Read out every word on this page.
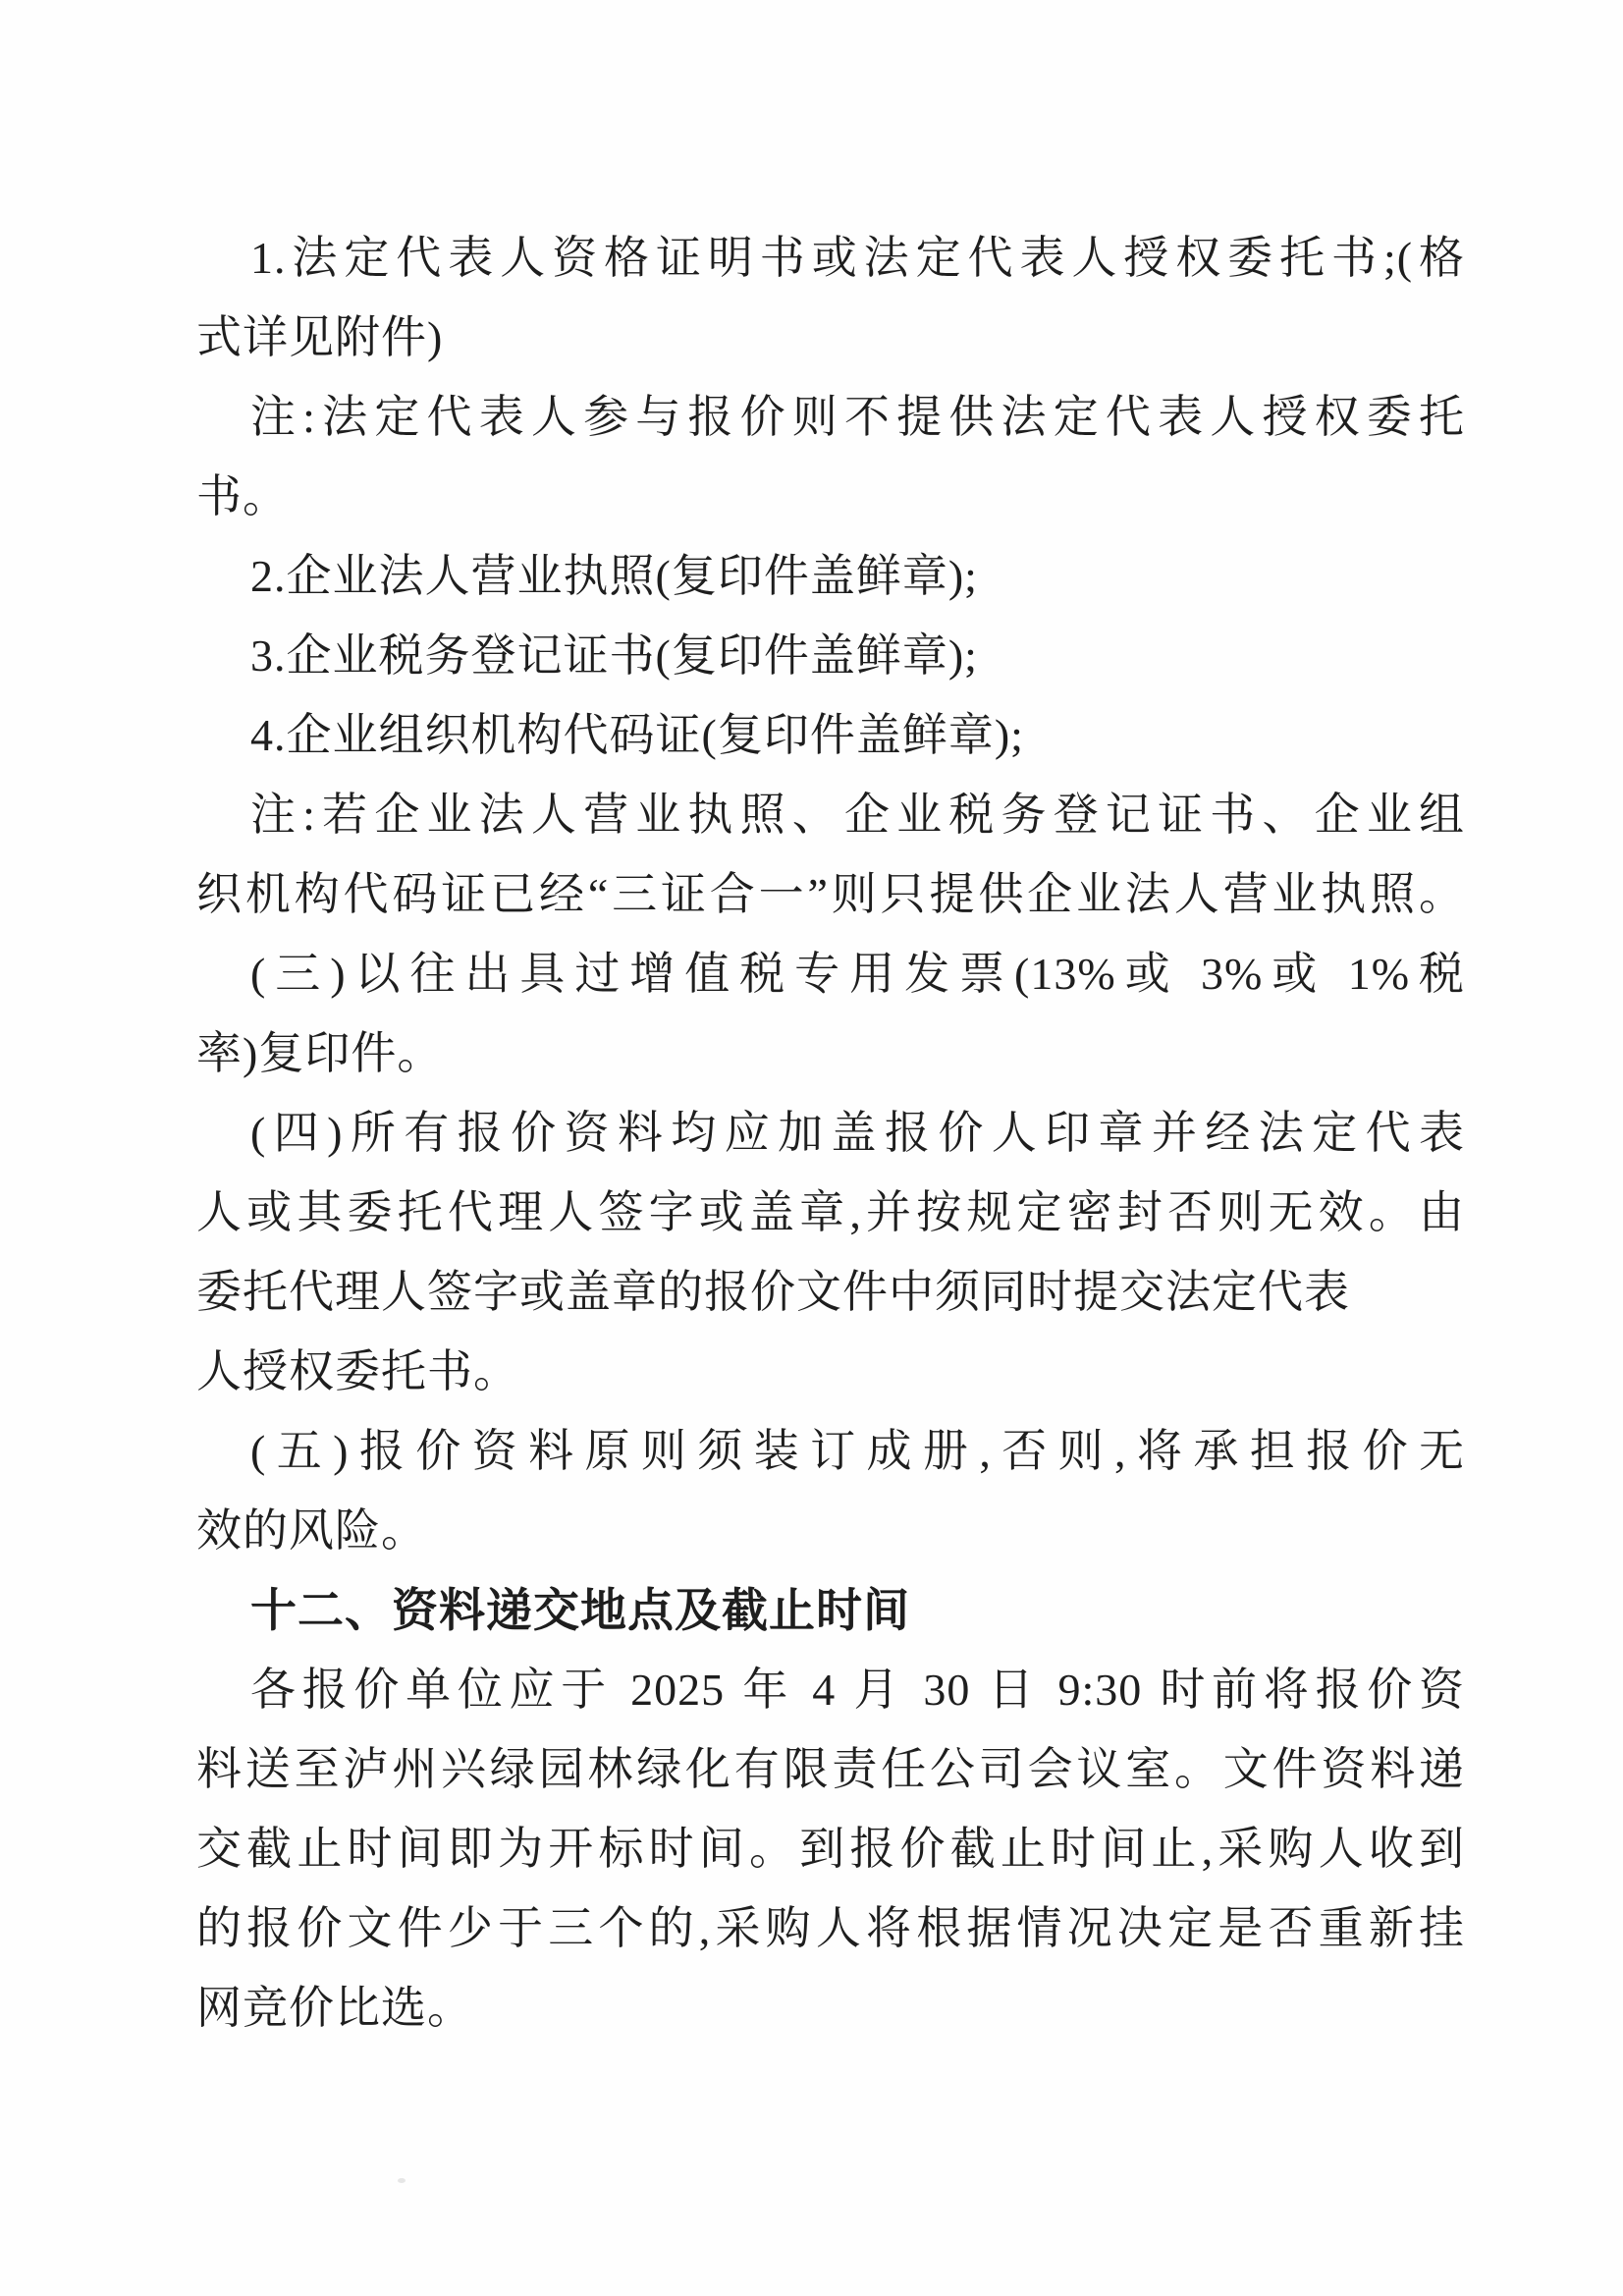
1.法定代表人资格证明书或法定代表人授权委托书;(格
式详见附件)
注:法定代表人参与报价则不提供法定代表人授权委托
书。
2.企业法人营业执照(复印件盖鲜章);
3.企业税务登记证书(复印件盖鲜章);
4.企业组织机构代码证(复印件盖鲜章);
注:若企业法人营业执照、企业税务登记证书、企业组
织机构代码证已经“三证合一”则只提供企业法人营业执照。
(三)以往出具过增值税专用发票(13%或 3%或 1%税
率)复印件。
(四)所有报价资料均应加盖报价人印章并经法定代表
人或其委托代理人签字或盖章,并按规定密封否则无效。由
委托代理人签字或盖章的报价文件中须同时提交法定代表
人授权委托书。
(五)报价资料原则须装订成册,否则,将承担报价无
效的风险。
十二、资料递交地点及截止时间
各报价单位应于 2025 年 4 月 30 日 9:30 时前将报价资
料送至泸州兴绿园林绿化有限责任公司会议室。文件资料递
交截止时间即为开标时间。到报价截止时间止,采购人收到
的报价文件少于三个的,采购人将根据情况决定是否重新挂
网竞价比选。
